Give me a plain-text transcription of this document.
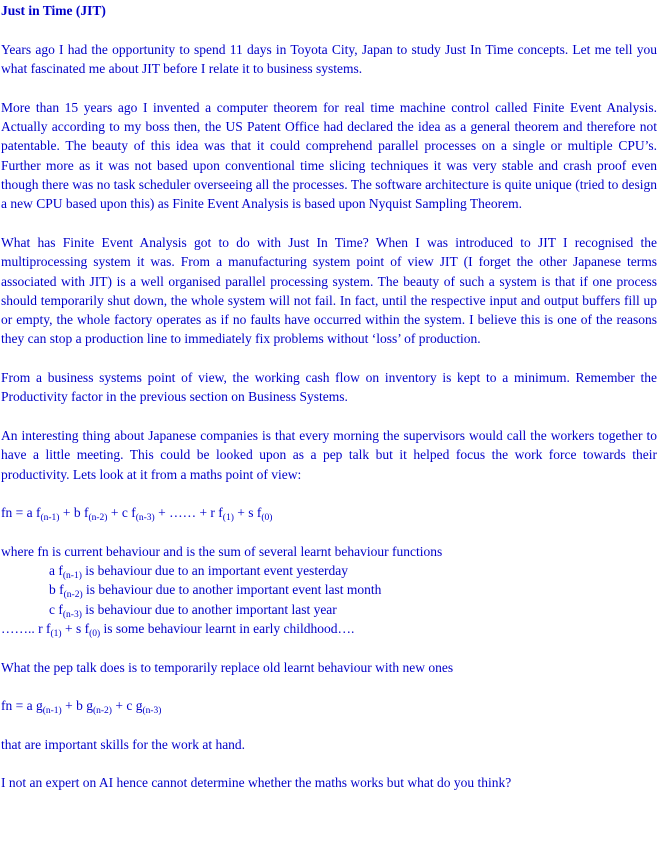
Just in Time (JIT)

Years ago I had the opportunity to spend 11 days in Toyota City, Japan to study Just In Time concepts. Let me tell you what fascinated me about JIT before I relate it to business systems.

More than 15 years ago I invented a computer theorem for real time machine control called Finite Event Analysis. Actually according to my boss then, the US Patent Office had declared the idea as a general theorem and therefore not patentable. The beauty of this idea was that it could comprehend parallel processes on a single or multiple CPU’s. Further more as it was not based upon conventional time slicing techniques it was very stable and crash proof even though there was no task scheduler overseeing all the processes. The software architecture is quite unique (tried to design a new CPU based upon this) as Finite Event Analysis is based upon Nyquist Sampling Theorem.

What has Finite Event Analysis got to do with Just In Time? When I was introduced to JIT I recognised the multiprocessing system it was. From a manufacturing system point of view JIT (I forget the other Japanese terms associated with JIT) is a well organised parallel processing system. The beauty of such a system is that if one process should temporarily shut down, the whole system will not fail. In fact, until the respective input and output buffers fill up or empty, the whole factory operates as if no faults have occurred within the system. I believe this is one of the reasons they can stop a production line to immediately fix problems without ‘loss’ of production.

From a business systems point of view, the working cash flow on inventory is kept to a minimum. Remember the Productivity factor in the previous section on Business Systems.

An interesting thing about Japanese companies is that every morning the supervisors would call the workers together to have a little meeting. This could be looked upon as a pep talk but it helped focus the work force towards their productivity. Lets look at it from a maths point of view:

fn = a $f_{(n-1)} + b$ $f_{(n-2)} + c$ $f_{(n-3)}$ + …… + r $f_{(1)} + s$ $f_{(0)}$
where fn is current behaviour and is the sum of several learnt behaviour functions
a $f_{(n-1)}$ is behaviour due to an important event yesterday
b $f_{(n-2)}$ is behaviour due to another important event last month
c $f_{(n-3)}$ is behaviour due to another important last year
…….. r $f_{(1)} + s$ $f_{(0)}$ is some behaviour learnt in early childhood….

What the pep talk does is to temporarily replace old learnt behaviour with new ones

fn = a $g_{(n-1)} + b$ $g_{(n-2)} + c$ $g_{(n-3)}$

that are important skills for the work at hand.

I not an expert on AI hence cannot determine whether the maths works but what do you think?
